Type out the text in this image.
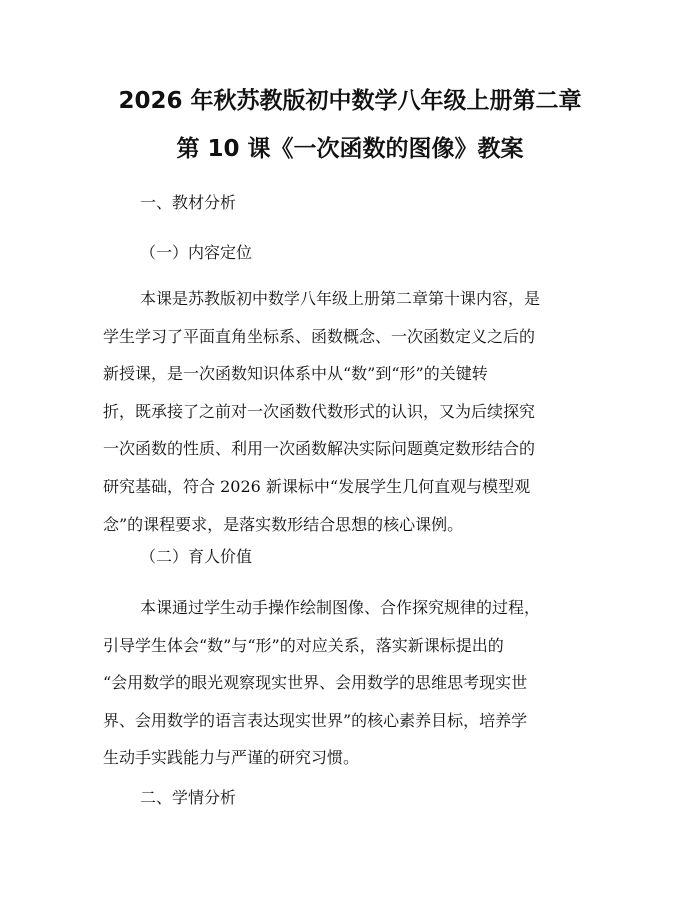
2026 年秋苏教版初中数学八年级上册第二章
第 10 课《一次函数的图像》教案
一、教材分析
（一）内容定位
本课是苏教版初中数学八年级上册第二章第十课内容，是
学生学习了平面直角坐标系、函数概念、一次函数定义之后的
新授课，是一次函数知识体系中从“数”到“形”的关键转
折，既承接了之前对一次函数代数形式的认识，又为后续探究
一次函数的性质、利用一次函数解决实际问题奠定数形结合的
研究基础，符合 2026 新课标中“发展学生几何直观与模型观
念”的课程要求，是落实数形结合思想的核心课例。
（二）育人价值
本课通过学生动手操作绘制图像、合作探究规律的过程，
引导学生体会“数”与“形”的对应关系，落实新课标提出的
“会用数学的眼光观察现实世界、会用数学的思维思考现实世
界、会用数学的语言表达现实世界”的核心素养目标，培养学
生动手实践能力与严谨的研究习惯。
二、学情分析
